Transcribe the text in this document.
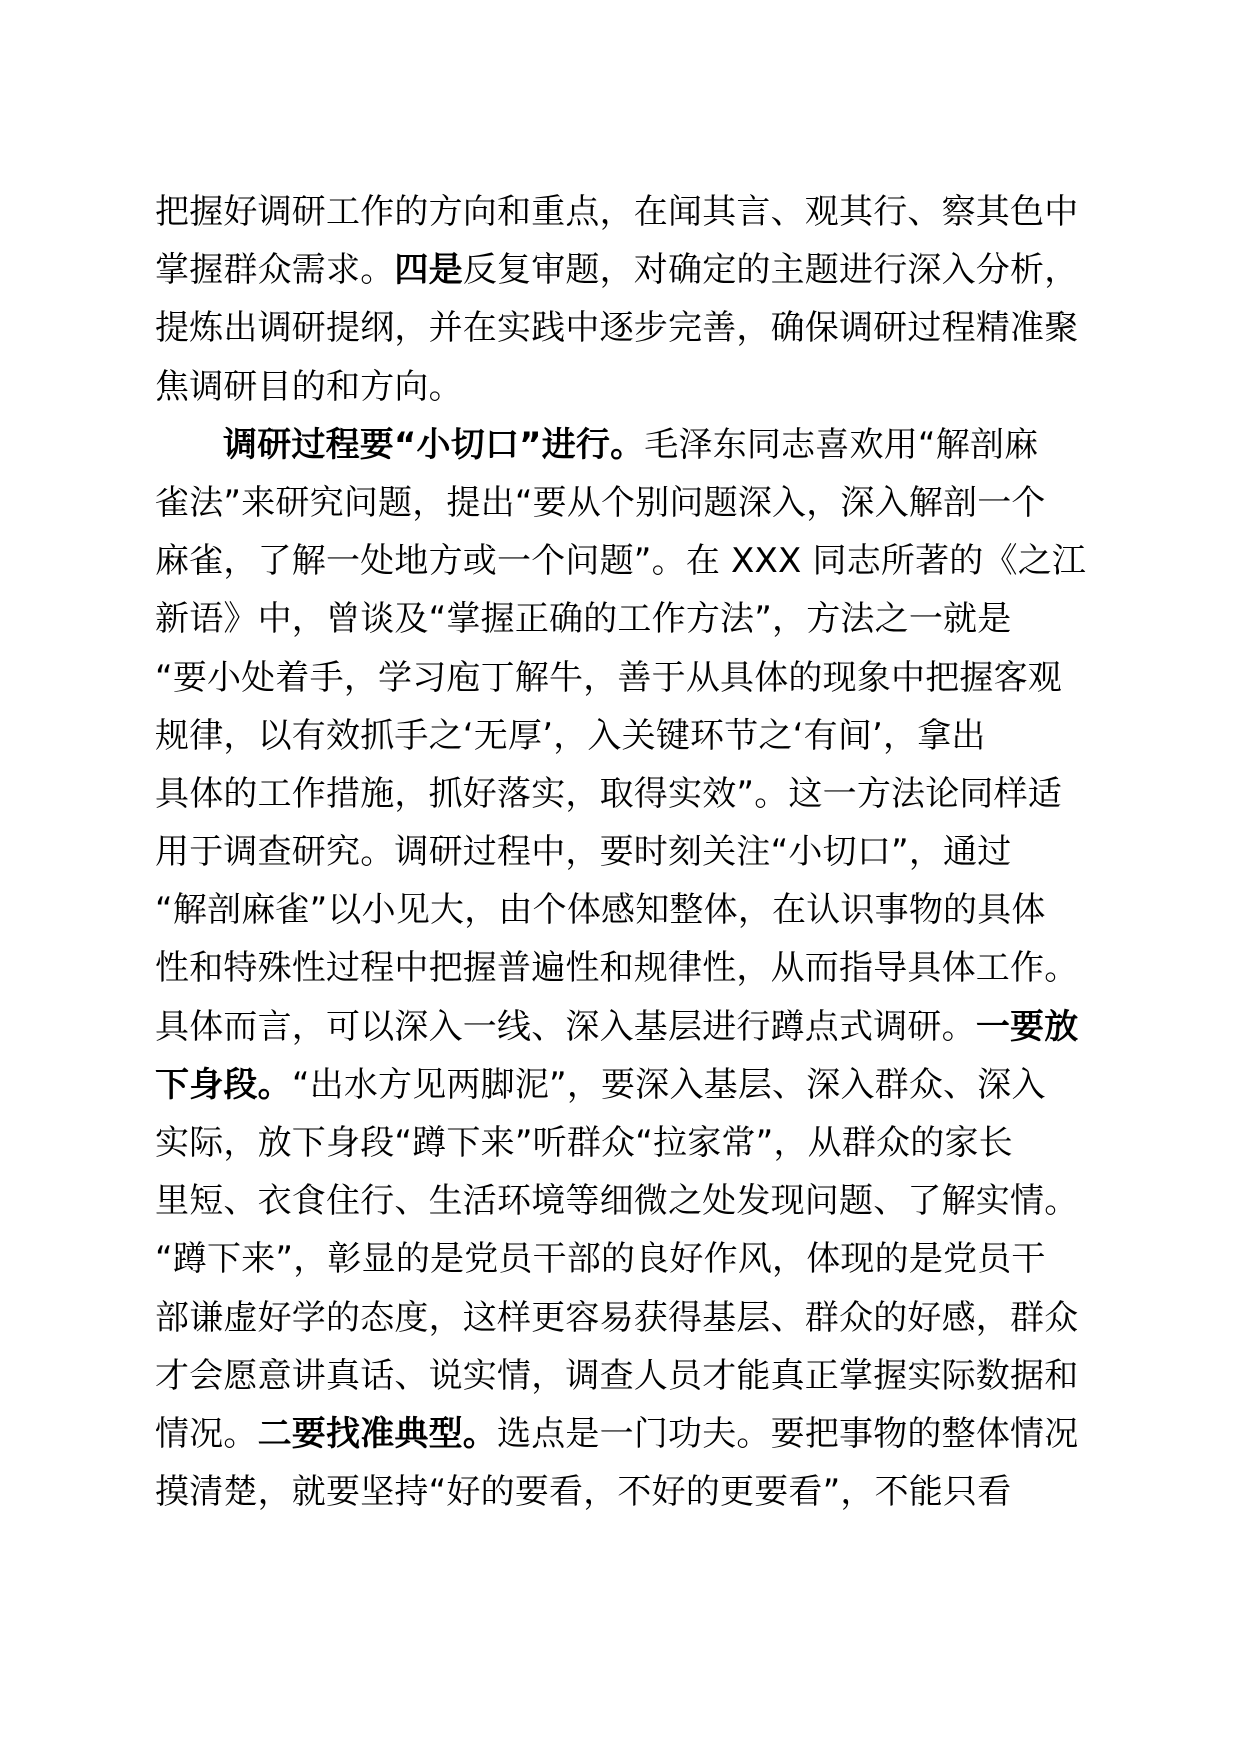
把握好调研工作的方向和重点，在闻其言、观其行、察其色中
掌握群众需求。四是反复审题，对确定的主题进行深入分析，
提炼出调研提纲，并在实践中逐步完善，确保调研过程精准聚
焦调研目的和方向。
调研过程要“小切口”进行。毛泽东同志喜欢用“解剖麻
雀法”来研究问题，提出“要从个别问题深入，深入解剖一个
麻雀，了解一处地方或一个问题”。在 XXX 同志所著的《之江
新语》中，曾谈及“掌握正确的工作方法”，方法之一就是
“要小处着手，学习庖丁解牛，善于从具体的现象中把握客观
规律，以有效抓手之‘无厚’，入关键环节之‘有间’，拿出
具体的工作措施，抓好落实，取得实效”。这一方法论同样适
用于调查研究。调研过程中，要时刻关注“小切口”，通过
“解剖麻雀”以小见大，由个体感知整体，在认识事物的具体
性和特殊性过程中把握普遍性和规律性，从而指导具体工作。
具体而言，可以深入一线、深入基层进行蹲点式调研。一要放
下身段。“出水方见两脚泥”，要深入基层、深入群众、深入
实际，放下身段“蹲下来”听群众“拉家常”，从群众的家长
里短、衣食住行、生活环境等细微之处发现问题、了解实情。
“蹲下来”，彰显的是党员干部的良好作风，体现的是党员干
部谦虚好学的态度，这样更容易获得基层、群众的好感，群众
才会愿意讲真话、说实情，调查人员才能真正掌握实际数据和
情况。二要找准典型。选点是一门功夫。要把事物的整体情况
摸清楚，就要坚持“好的要看，不好的更要看”，不能只看
